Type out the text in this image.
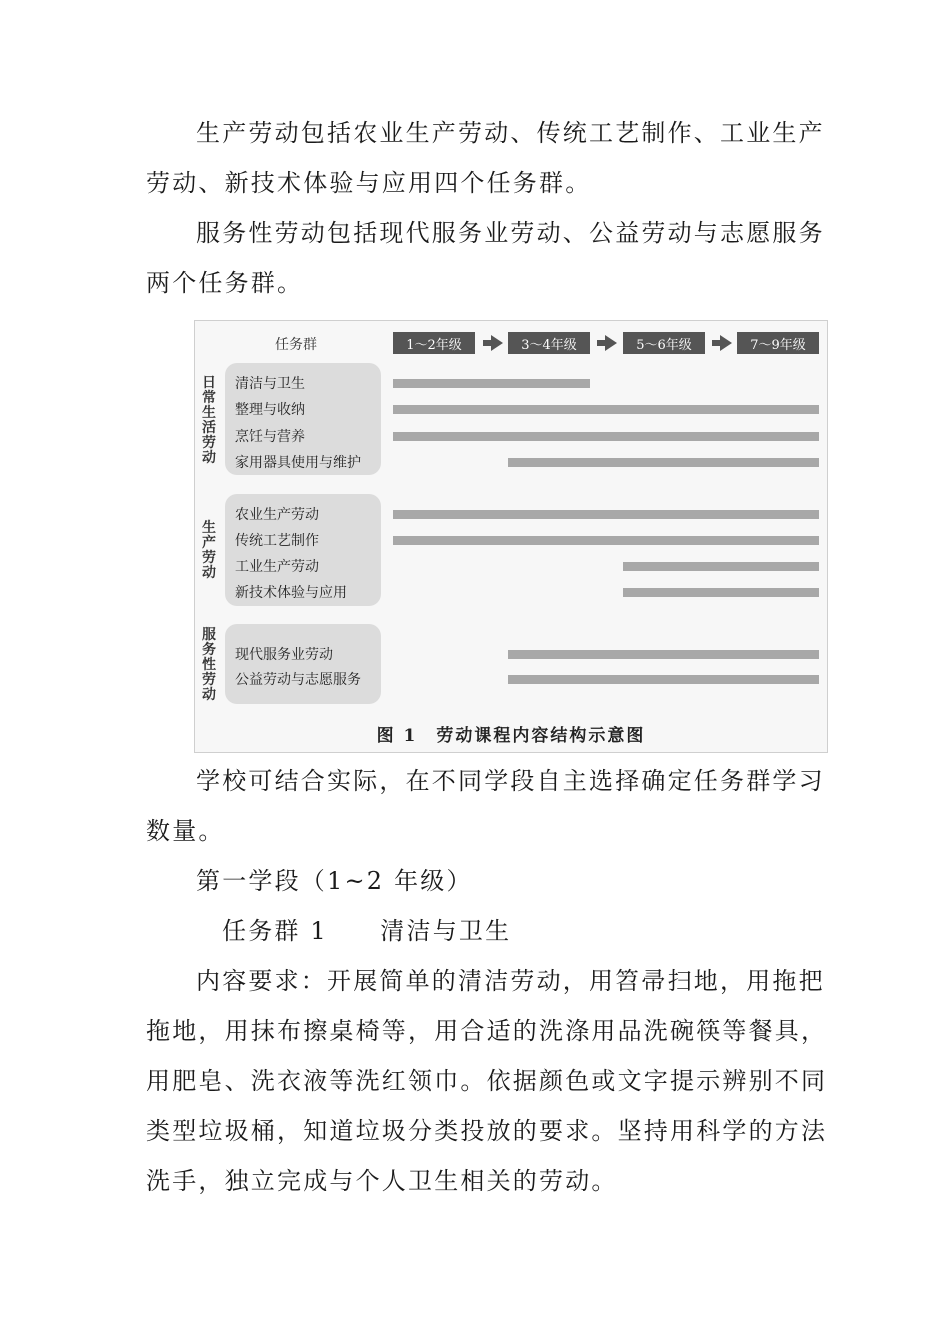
生产劳动包括农业生产劳动、传统工艺制作、工业生产
劳动、新技术体验与应用四个任务群。
服务性劳动包括现代服务业劳动、公益劳动与志愿服务
两个任务群。
任务群	1～2年级	3～4年级	5～6年级	7～9年级
日
常
生
活
劳
动
清洁与卫生
整理与收纳
烹饪与营养
家用器具使用与维护
生
产
劳
动
农业生产劳动
传统工艺制作
工业生产劳动
新技术体验与应用
服
务
性
劳
动
现代服务业劳动
公益劳动与志愿服务
图 1　劳动课程内容结构示意图
学校可结合实际，在不同学段自主选择确定任务群学习
数量。
第一学段（1~2 年级）
任务群 1　　清洁与卫生
内容要求：开展简单的清洁劳动，用笤帚扫地，用拖把
拖地，用抹布擦桌椅等，用合适的洗涤用品洗碗筷等餐具，
用肥皂、洗衣液等洗红领巾。依据颜色或文字提示辨别不同
类型垃圾桶，知道垃圾分类投放的要求。坚持用科学的方法
洗手，独立完成与个人卫生相关的劳动。
